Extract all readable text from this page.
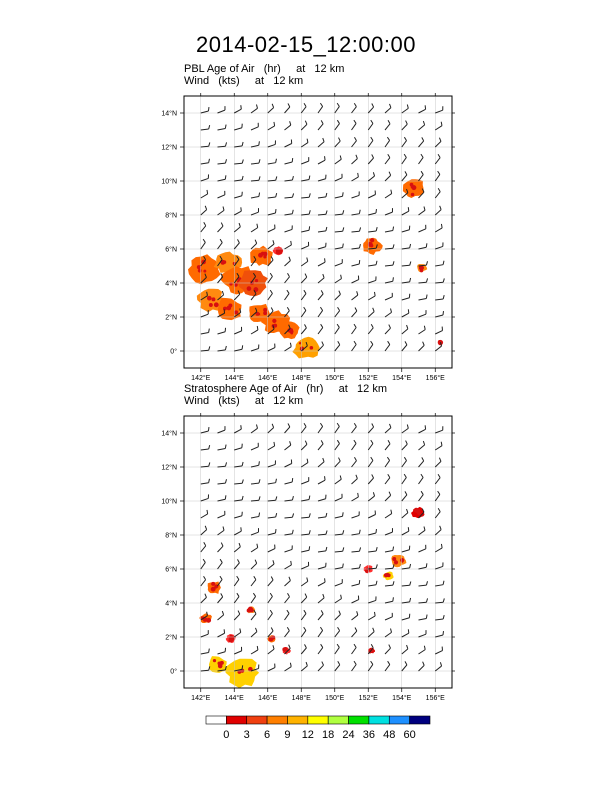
2014-02-15_12:00:00
PBL Age of Air   (hr)     at   12 km
Wind   (kts)     at   12 km
Stratosphere Age of Air   (hr)     at   12 km
Wind   (kts)     at   12 km
142°E 144°E 146°E 148°E 150°E 152°E 154°E 156°E
0°
2°N
4°N
6°N
8°N
10°N
12°N
14°N
142°E 144°E 146°E 148°E 150°E 152°E 154°E 156°E
0°
2°N
4°N
6°N
8°N
10°N
12°N
14°N
0 3 6 9 12 18 24 36 48 60
